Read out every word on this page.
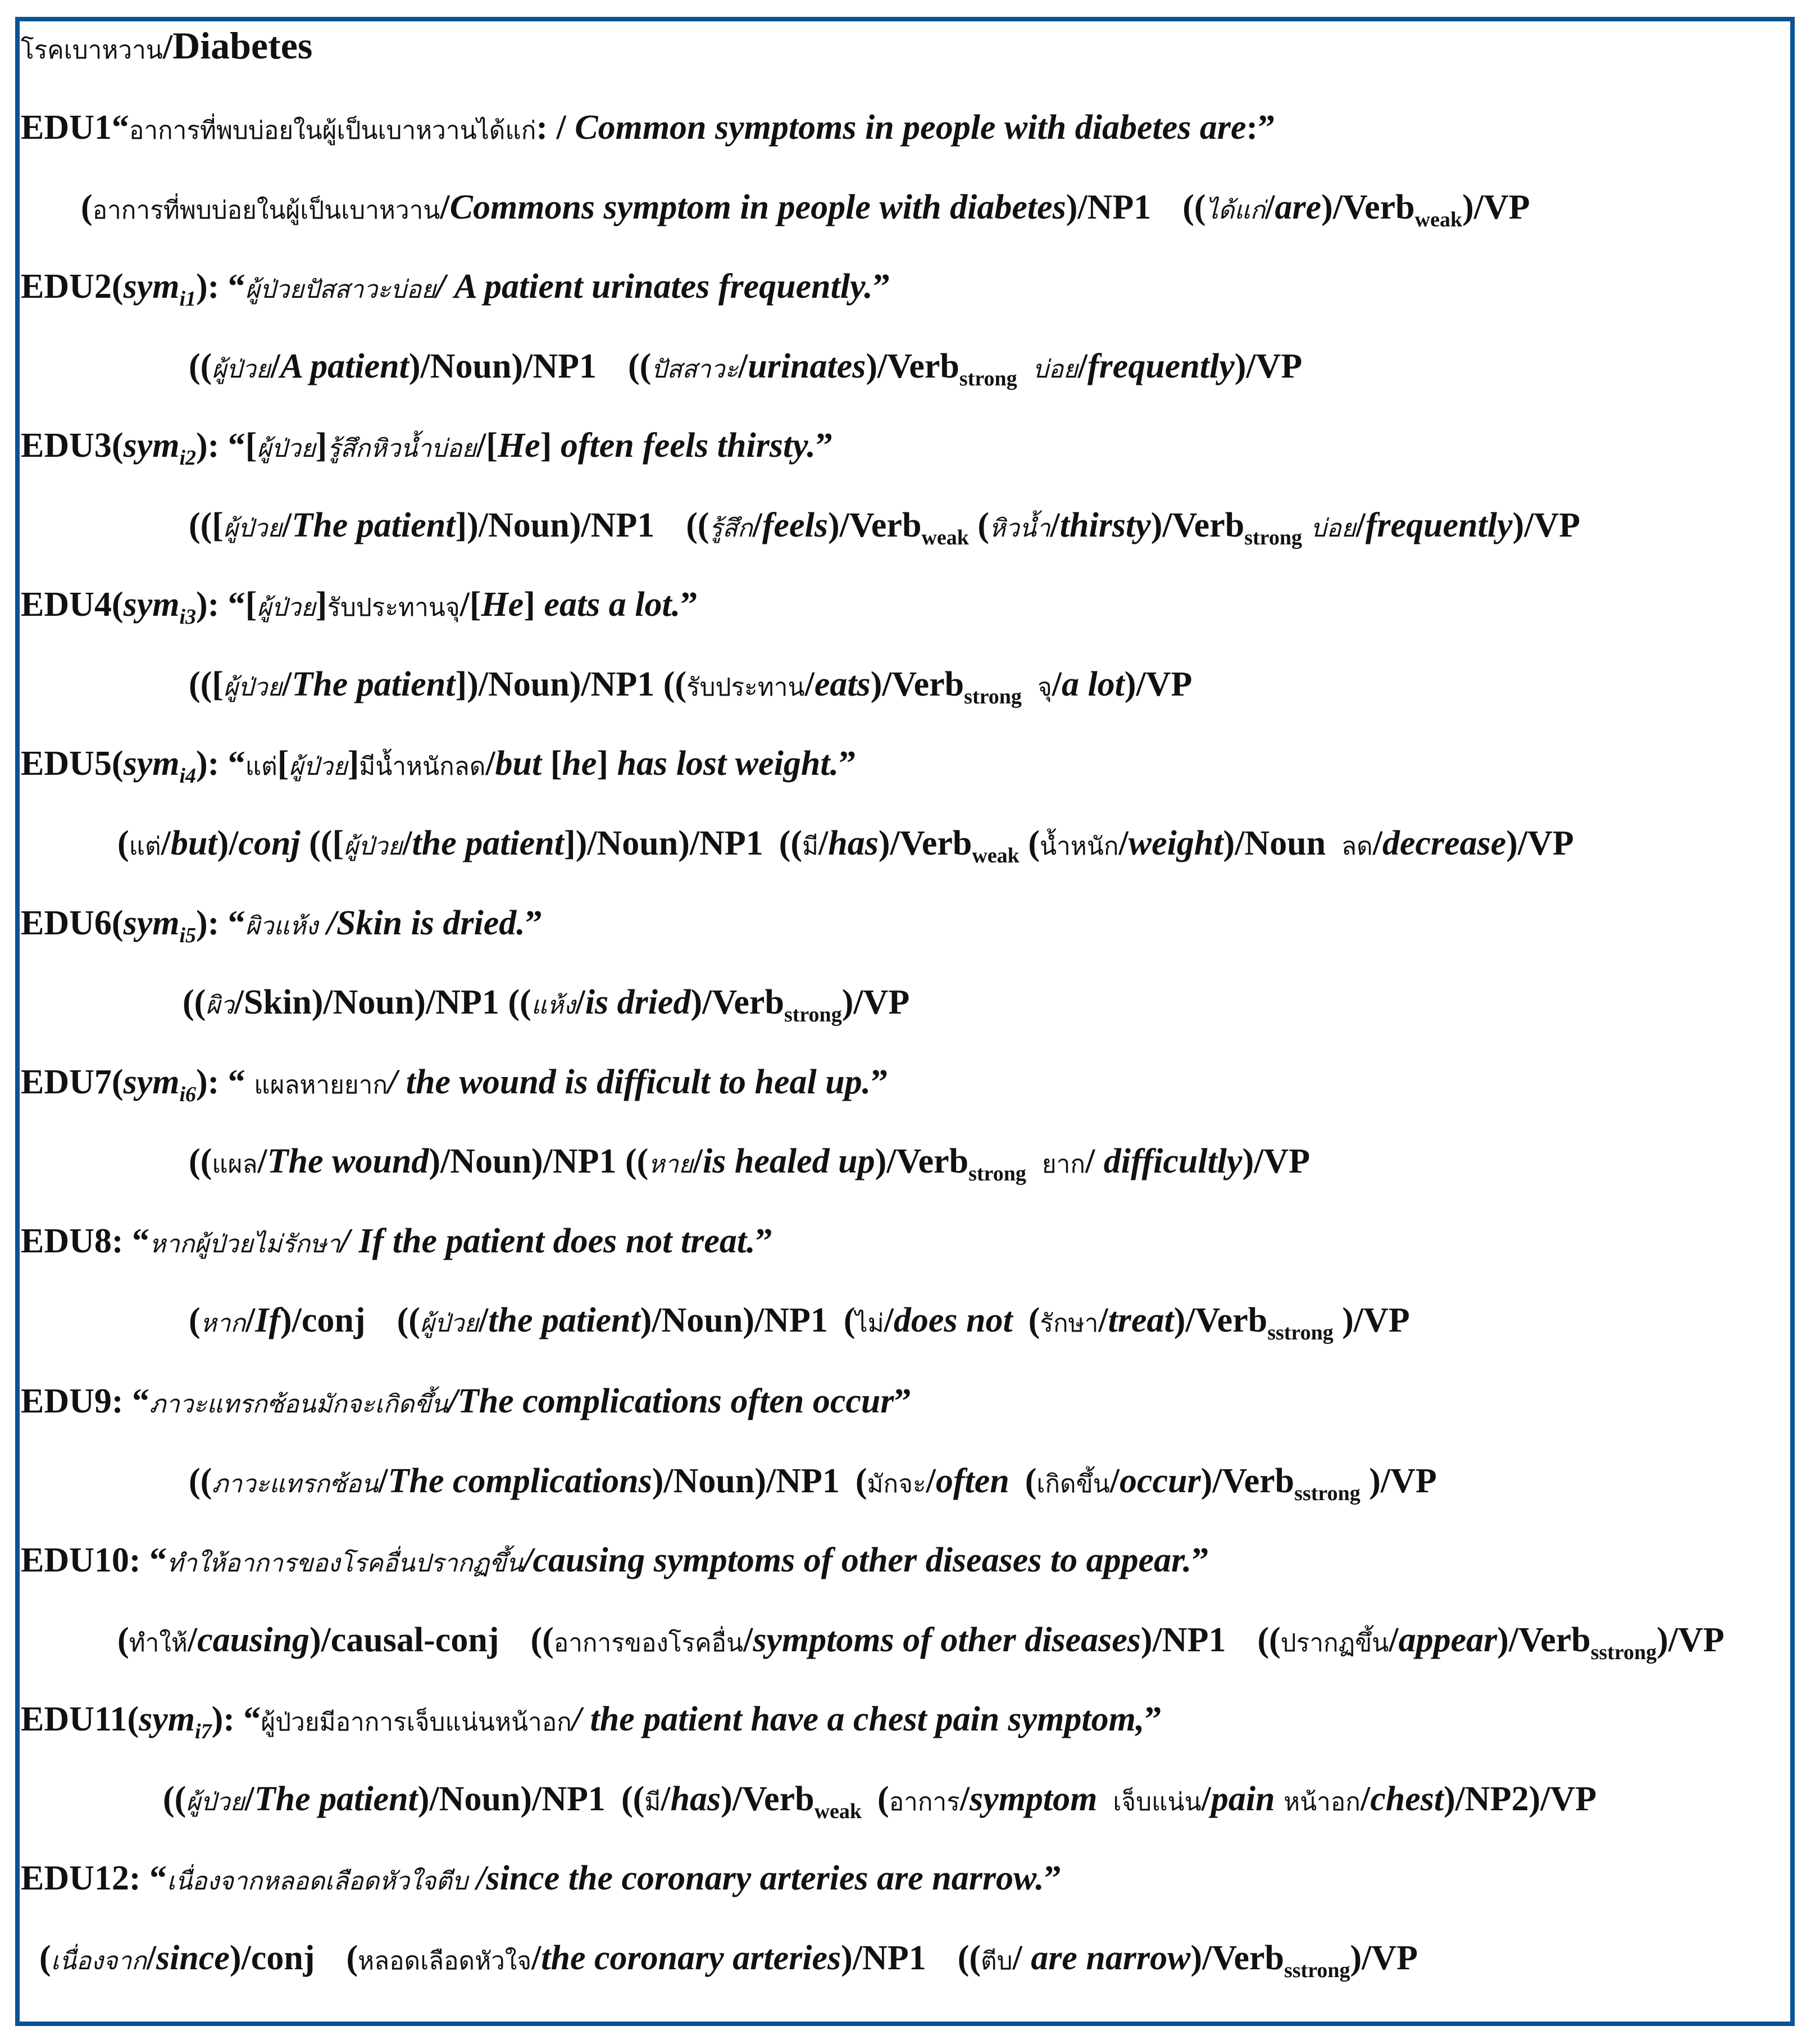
โรคเบาหวาน/Diabetes
EDU1“อาการที่พบบ่อยในผู้เป็นเบาหวานได้แก่: / Common symptoms in people with diabetes are:”
(อาการที่พบบ่อยในผู้เป็นเบาหวาน/Commons symptom in people with diabetes)/NP1 ((ได้แก่/are)/Verb$_{weak}$)/VP
EDU2(sym$_{i1}$): “ผู้ป่วยปัสสาวะบ่อย/ A patient urinates frequently.”
((ผู้ป่วย/A patient)/Noun)/NP1 ((ปัสสาวะ/urinates)/Verb$_{strong}$ บ่อย/frequently)/VP
EDU3(sym$_{i2}$): “[ผู้ป่วย]รู้สึกหิวน้ำบ่อย/[He] often feels thirsty.”
(([ผู้ป่วย/The patient])/Noun)/NP1 ((รู้สึก/feels)/Verb$_{weak}$ (หิวน้ำ/thirsty)/Verb$_{strong}$ บ่อย/frequently)/VP
EDU4(sym$_{i3}$): “[ผู้ป่วย]รับประทานจุ/[He] eats a lot.”
(([ผู้ป่วย/The patient])/Noun)/NP1 ((รับประทาน/eats)/Verb$_{strong}$ จุ/a lot)/VP
EDU5(sym$_{i4}$): “แต่[ผู้ป่วย]มีน้ำหนักลด/but [he] has lost weight.”
(แต่/but)/conj (([ผู้ป่วย/the patient])/Noun)/NP1 ((มี/has)/Verb$_{weak}$ (น้ำหนัก/weight)/Noun ลด/decrease)/VP
EDU6(sym$_{i5}$): “ผิวแห้ง /Skin is dried.”
((ผิว/Skin)/Noun)/NP1 ((แห้ง/is dried)/Verb$_{strong}$)/VP
EDU7(sym$_{i6}$): “ แผลหายยาก/ the wound is difficult to heal up.”
((แผล/The wound)/Noun)/NP1 ((หาย/is healed up)/Verb$_{strong}$ ยาก/ difficultly)/VP
EDU8: “หากผู้ป่วยไม่รักษา/ If the patient does not treat.”
(หาก/If)/conj ((ผู้ป่วย/the patient)/Noun)/NP1 (ไม่/does not (รักษา/treat)/Verb$_{sstrong}$ )/VP
EDU9: “ภาวะแทรกซ้อนมักจะเกิดขึ้น/The complications often occur”
((ภาวะแทรกซ้อน/The complications)/Noun)/NP1 (มักจะ/often (เกิดขึ้น/occur)/Verb$_{sstrong}$ )/VP
EDU10: “ทำให้อาการของโรคอื่นปรากฏขึ้น/causing symptoms of other diseases to appear.”
(ทำให้/causing)/causal-conj ((อาการของโรคอื่น/symptoms of other diseases)/NP1 ((ปรากฏขึ้น/appear)/Verb$_{sstrong}$)/VP
EDU11(sym$_{i7}$): “ผู้ป่วยมีอาการเจ็บแน่นหน้าอก/ the patient have a chest pain symptom,”
((ผู้ป่วย/The patient)/Noun)/NP1 ((มี/has)/Verb$_{weak}$ (อาการ/symptom เจ็บแน่น/pain หน้าอก/chest)/NP2)/VP
EDU12: “เนื่องจากหลอดเลือดหัวใจตีบ /since the coronary arteries are narrow.”
(เนื่องจาก/since)/conj (หลอดเลือดหัวใจ/the coronary arteries)/NP1 ((ตีบ/ are narrow)/Verb$_{sstrong}$)/VP
